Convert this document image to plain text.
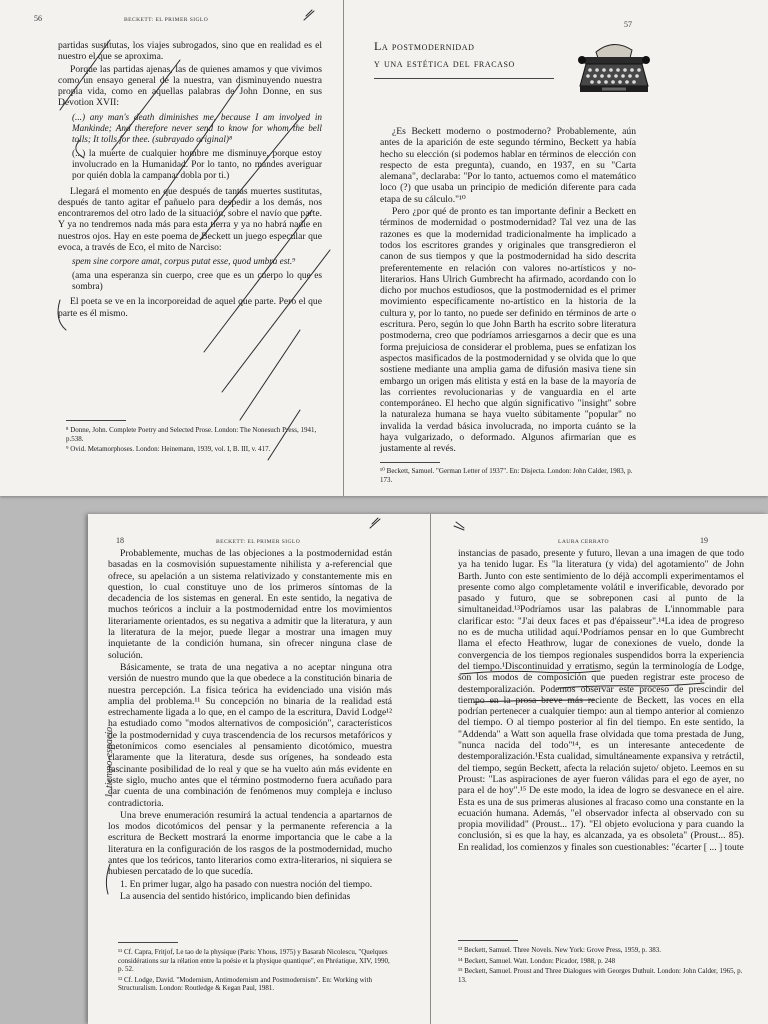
56	BECKETT: EL PRIMER SIGLO

partidas sustitutas, los viajes subrogados, sino que en realidad es el nuestro el que se aproxima.

Porque las partidas ajenas, las de quienes amamos y que vivimos como un ensayo general de la nuestra, van disminuyendo nuestra propia vida, como en aquellas palabras de John Donne, en sus Devotion XVII:

(...) any man's death diminishes me, because I am involved in Mankinde; And therefore never send to know for whom the bell tolls; It tolls for thee. (subrayado original)⁸

(...) la muerte de cualquier hombre me disminuye, porque estoy involucrado en la Humanidad. Por lo tanto, no mandes averiguar por quién dobla la campana: dobla por ti.)

Llegará el momento en que después de tantas muertes sustitutas, después de tanto agitar el pañuelo para despedir a los demás, nos encontraremos del otro lado de la situación, sobre el navío que parte. Y ya no tendremos nada más para esta tierra y ya no habrá nadie en nuestros ojos. Hay en este poema de Beckett un juego especular que evoca, a través de Eco, el mito de Narciso:

spem sine corpore amat, corpus putat esse, quod umbra est.⁹

(ama una esperanza sin cuerpo, cree que es un cuerpo lo que es sombra)

El poeta se ve en la incorporeidad de aquel que parte. Pero el que parte es él mismo.

⁸ Donne, John. Complete Poetry and Selected Prose. London: The Nonesuch Press, 1941, p.538.
⁹ Ovid. Metamorphoses. London: Heinemann, 1939, vol. I, B. III, v. 417.
57
La postmodernidad
y una estética del fracaso

¿Es Beckett moderno o postmoderno? Probablemente, aún antes de la aparición de este segundo término, Beckett ya había hecho su elección (si podemos hablar en términos de elección con respecto de esta pregunta), cuando, en 1937, en su "Carta alemana", declaraba: "Por lo tanto, actuemos como el matemático loco (?) que usaba un principio de medición diferente para cada etapa de su cálculo."¹⁰

Pero ¿por qué de pronto es tan importante definir a Beckett en términos de modernidad o postmodernidad? Tal vez una de las razones es que la modernidad tradicionalmente ha implicado a todos los escritores grandes y originales que transgredieron el canon de sus tiempos y que la postmodernidad ha sido descrita preferentemente en relación con valores no-artísticos y no-literarios. Hans Ulrich Gumbrecht ha afirmado, acordando con lo dicho por muchos estudiosos, que la postmodernidad es el primer movimiento específicamente no-artístico en la historia de la cultura y, por lo tanto, no puede ser definido en términos de arte o escritura. Pero, según lo que John Barth ha escrito sobre literatura postmoderna, creo que podríamos arriesgarnos a decir que es una forma prejuiciosa de considerar el problema, pues se enfatizan los aspectos masificados de la postmodernidad y se olvida que lo que sostiene mediante una amplia gama de difusión masiva tiene sin embargo un origen más elitista y está en la base de la mayoría de las corrientes revolucionarias y de vanguardia en el arte contemporáneo. El hecho que algún significativo "insight" sobre la naturaleza humana se haya vuelto súbitamente "popular" no invalida la verdad básica involucrada, no importa cuánto se la haya vulgarizado, o deformado. Algunos afirmarían que es justamente al revés.

¹⁰ Beckett, Samuel. "German Letter of 1937". En: Disjecta. London: John Calder, 1983, p. 173.
18	BECKETT: EL PRIMER SIGLO

Probablemente, muchas de las objeciones a la postmodernidad están basadas en la cosmovisión supuestamente nihilista y a-referencial que ofrece, su apelación a un sistema relativizado y constantemente mis en question, lo cual constituye uno de los primeros síntomas de la decadencia de los sistemas en general. En este sentido, la negativa de muchos teóricos a incluir a la postmodernidad entre los movimientos literariamente orientados, es su negativa a admitir que la literatura, y aun la literatura de la mejor, puede llegar a mostrar una imagen muy inquietante de la condición humana, sin ofrecer ninguna clase de solución.

Básicamente, se trata de una negativa a no aceptar ninguna otra versión de nuestro mundo que la que obedece a la constitución binaria de nuestra percepción. La física teórica ha evidenciado una visión más amplia del problema.¹¹ Su concepción no binaria de la realidad está estrechamente ligada a lo que, en el campo de la escritura, David Lodge¹² ha estudiado como "modos alternativos de composición", característicos de la postmodernidad y cuya trascendencia de los recursos metafóricos y metonímicos como esenciales al pensamiento dicotómico, muestra claramente que la literatura, desde sus orígenes, ha sondeado esta fascinante posibilidad de lo real y que se ha vuelto aún más evidente en este siglo, mucho antes que el término postmoderno fuera acuñado para dar cuenta de una combinación de fenómenos muy compleja e incluso contradictoria.

Una breve enumeración resumirá la actual tendencia a apartarnos de los modos dicotómicos del pensar y la permanente referencia a la escritura de Beckett mostrará la enorme importancia que le cabe a la literatura en la configuración de los rasgos de la postmodernidad, mucho antes que los teóricos, tanto literarios como extra-literarios, ni siquiera se hubiesen percatado de lo que sucedía.

1. En primer lugar, algo ha pasado con nuestra noción del tiempo.

La ausencia del sentido histórico, implicando bien definidas

¹¹ Cf. Capra, Fritjof, Le tao de la physique (Paris: Yhous, 1975) y Basarab Nicolescu, "Quelques considérations sur la rélation entre la poésie et la physique quantique", en Phréatique, XIV, 1990, p. 52.
¹² Cf. Lodge, David. "Modernism, Antimodernism and Postmodernism". En: Working with Structuralism. London: Routledge & Kegan Paul, 1981.
LAURA CERRATO	19

instancias de pasado, presente y futuro, llevan a una imagen de que todo ya ha tenido lugar. Es "la literatura (y vida) del agotamiento" de John Barth. Junto con este sentimiento de lo déjà accompli experimentamos el presente como algo completamente volátil e inverificable, devorado por pasado y futuro, que se sobreponen casi al punto de la simultaneidad.¹³Podríamos usar las palabras de L'innommable para clarificar esto: "J'ai deux faces et pas d'épaisseur".¹⁴La idea de progreso no es de mucha utilidad aquí.¹Podríamos pensar en lo que Gumbrecht llama el efecto Heathrow, lugar de conexiones de vuelo, donde la convergencia de los tiempos regionales suspendidos borra la experiencia del tiempo.¹Discontinuidad y erratismo, según la terminología de Lodge, son los modos de composición que pueden registrar este proceso de destemporalización. Podemos observar este proceso de prescindir del tiempo en la prosa breve más reciente de Beckett, las voces en ella podrían pertenecer a cualquier tiempo: aun al tiempo anterior al comienzo del tiempo. O al tiempo posterior al fin del tiempo. En este sentido, la "Addenda" a Watt son aquella frase olvidada que toma prestada de Jung, "nunca nacida del todo"¹⁴, es un interesante antecedente de destemporalización.¹Esta cualidad, simultáneamente expansiva y retráctil, del tiempo, según Beckett, afecta la relación sujeto/ objeto. Leemos en su Proust: "Las aspiraciones de ayer fueron válidas para el ego de ayer, no para el de hoy".¹⁵ De este modo, la idea de logro se desvanece en el aire. Esta es una de sus primeras alusiones al fracaso como una constante en la ecuación humana. Además, "el observador infecta al observado con su propia movilidad" (Proust... 17). "El objeto evoluciona y para cuando la conclusión, si es que la hay, es alcanzada, ya es obsoleta" (Proust... 85). En realidad, los comienzos y finales son cuestionables: "écarter [ ... ] toute

¹³ Beckett, Samuel. Three Novels. New York: Grove Press, 1959, p. 383.
¹⁴ Beckett, Samuel. Watt. London: Picador, 1988, p. 248
¹⁵ Beckett, Samuel. Proust and Three Dialogues with Georges Duthuit. London: John Calder, 1965, p. 13.
1. tiempo-espacio
